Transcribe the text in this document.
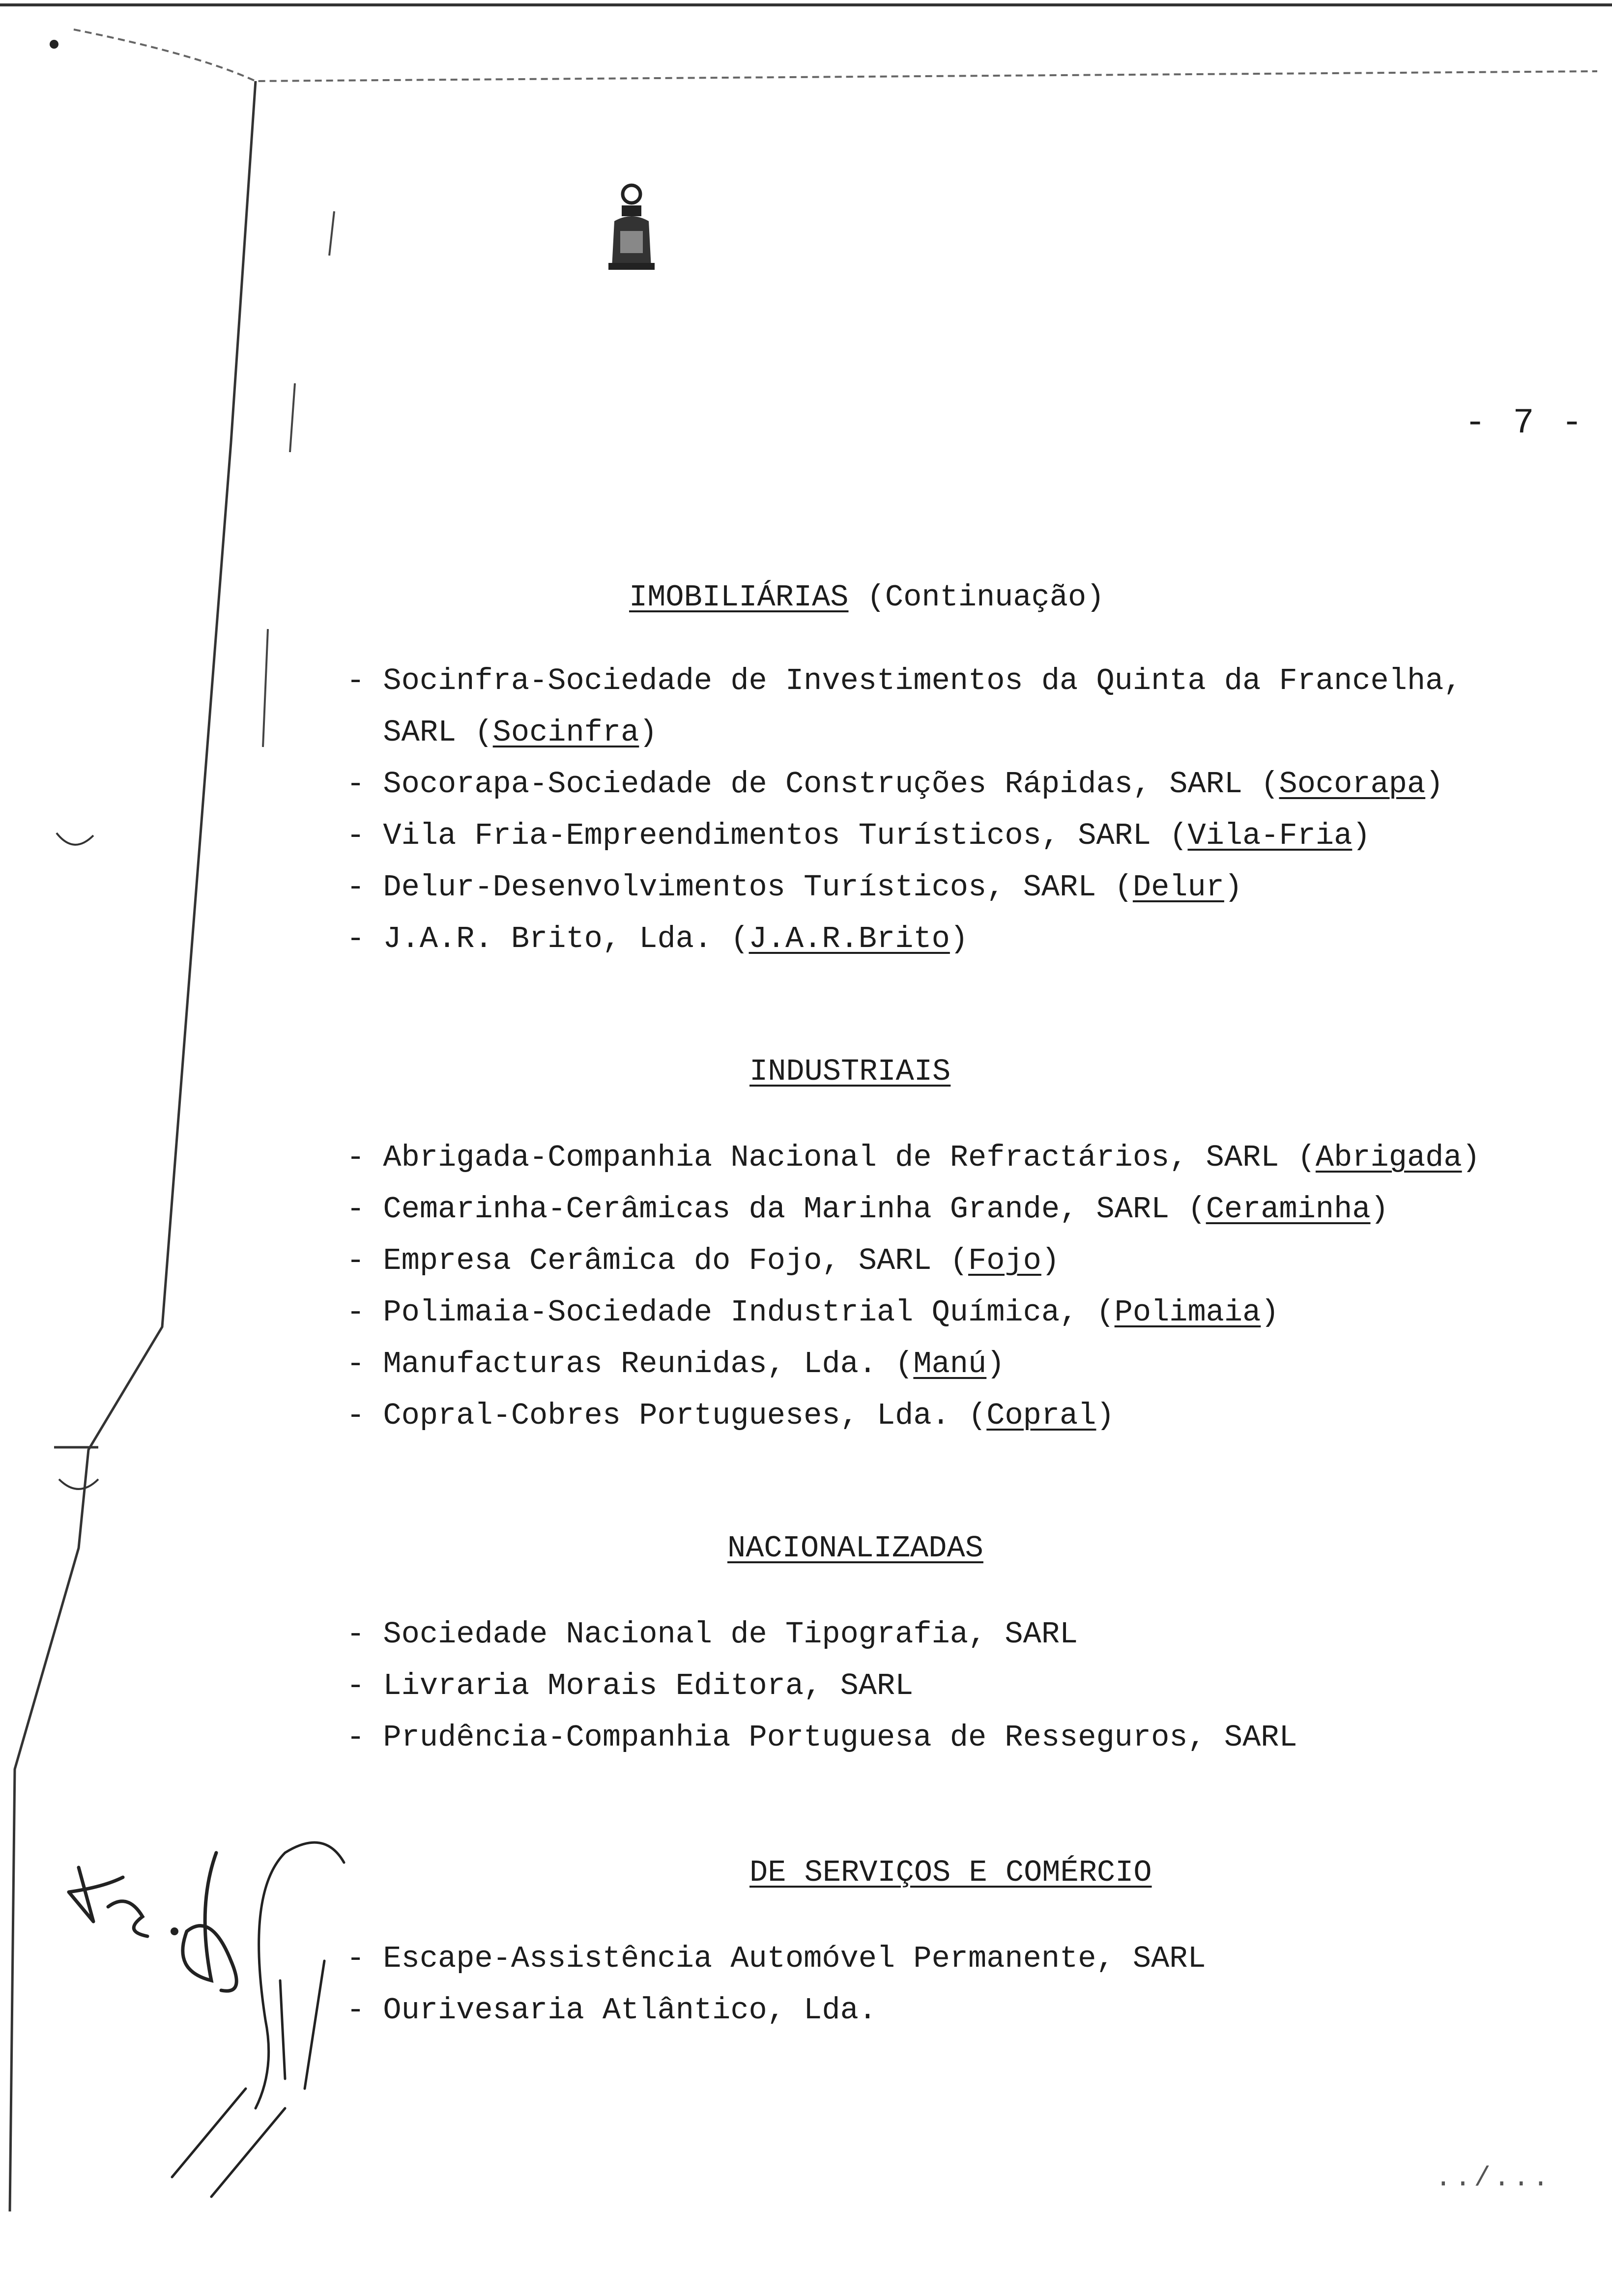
- 7 -
IMOBILIÁRIAS (Continuação)
- Socinfra-Sociedade de Investimentos da Quinta da Francelha,
SARL (Socinfra)
- Socorapa-Sociedade de Construções Rápidas, SARL (Socorapa)
- Vila Fria-Empreendimentos Turísticos, SARL (Vila-Fria)
- Delur-Desenvolvimentos Turísticos, SARL (Delur)
- J.A.R. Brito, Lda. (J.A.R.Brito)
INDUSTRIAIS
- Abrigada-Companhia Nacional de Refractários, SARL (Abrigada)
- Cemarinha-Cerâmicas da Marinha Grande, SARL (Ceraminha)
- Empresa Cerâmica do Fojo, SARL (Fojo)
- Polimaia-Sociedade Industrial Química, (Polimaia)
- Manufacturas Reunidas, Lda. (Manú)
- Copral-Cobres Portugueses, Lda. (Copral)
NACIONALIZADAS
- Sociedade Nacional de Tipografia, SARL
- Livraria Morais Editora, SARL
- Prudência-Companhia Portuguesa de Resseguros, SARL
DE SERVIÇOS E COMÉRCIO
- Escape-Assistência Automóvel Permanente, SARL
- Ourivesaria Atlântico, Lda.
../...
